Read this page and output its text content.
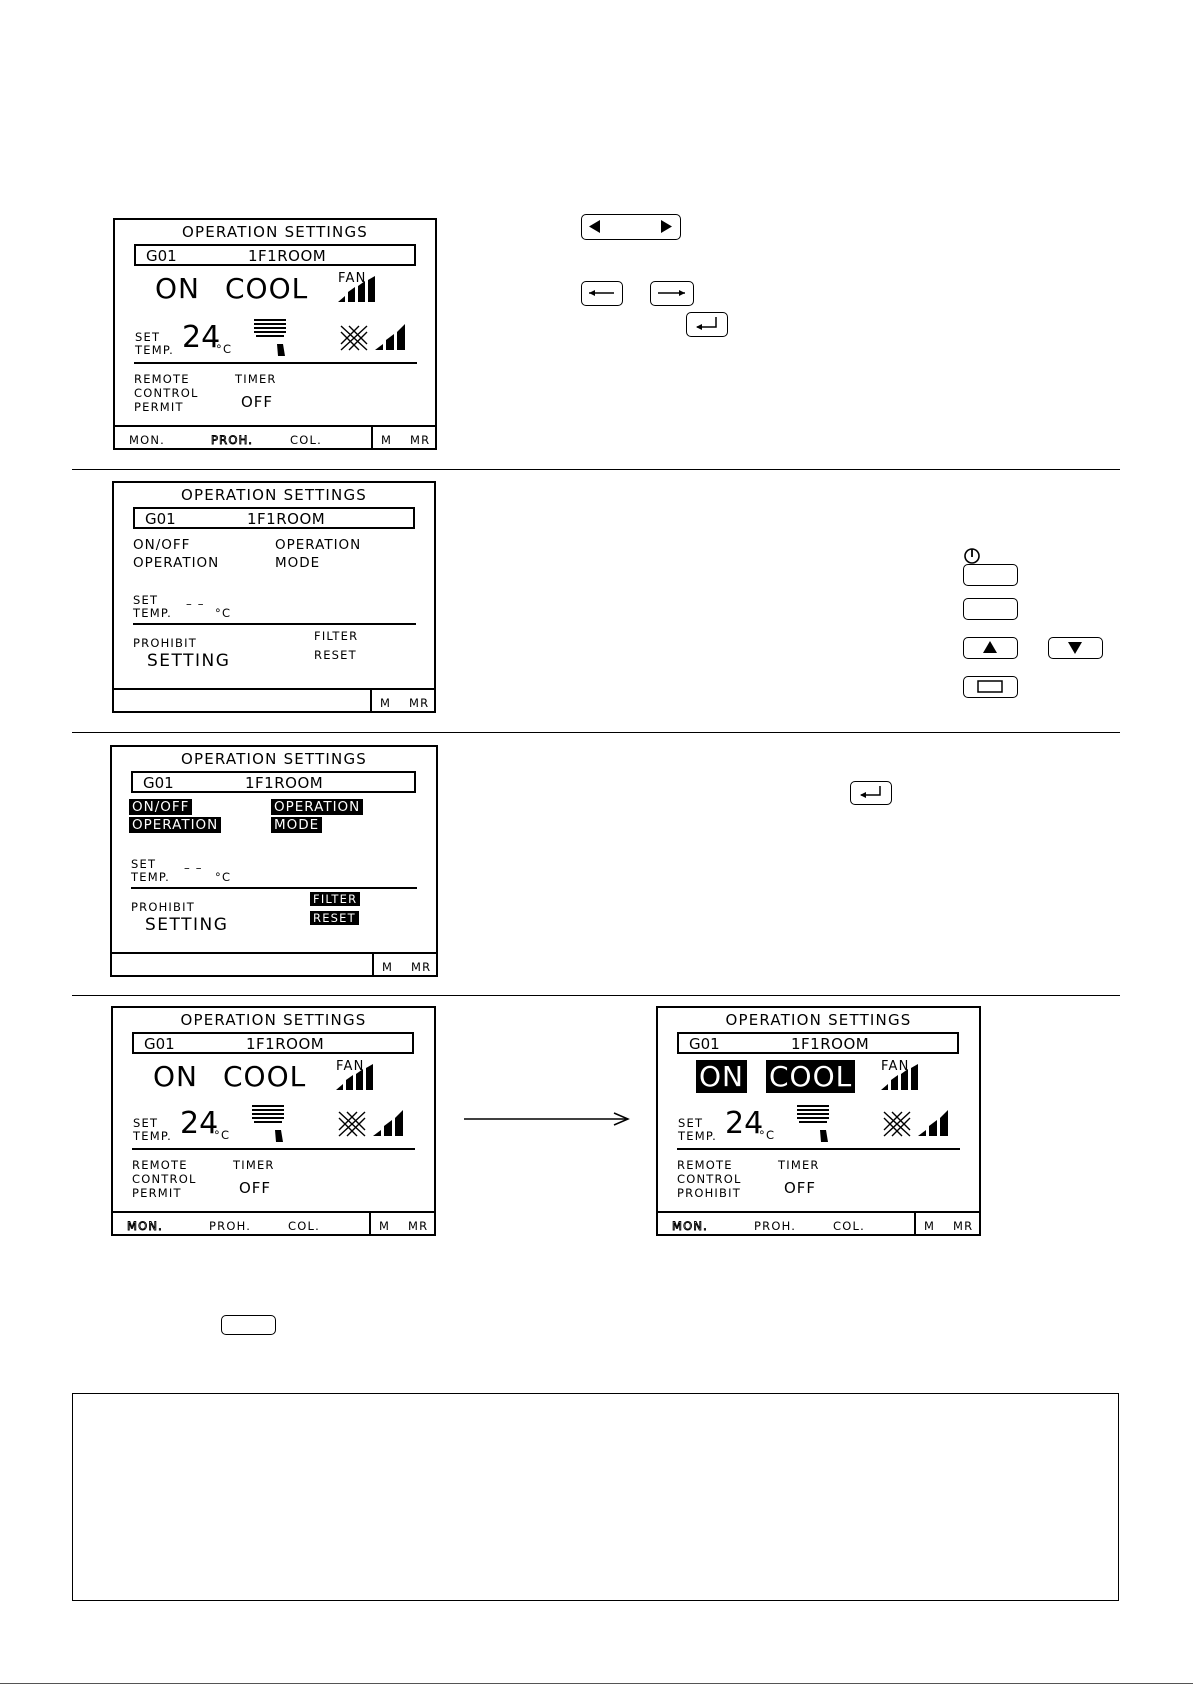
OPERATION SETTINGS
G01	1F1ROOM
ON COOL FAN
SET
TEMP. 24
°C
REMOTE
CONTROL
PERMIT
TIMER
OFF
MON.	PROH.	COL.	M MR
OPERATION SETTINGS
G01	1F1ROOM
ON/OFF
OPERATION
OPERATION
MODE
SET
TEMP.
– –
°C
PROHIBIT
SETTING
FILTER
RESET
M MR
OPERATION SETTINGS
G01	1F1ROOM
ON/OFF
OPERATION
OPERATION
MODE
SET
TEMP.
– –
°C
PROHIBIT
SETTING
FILTER
RESET
M MR
OPERATION SETTINGS
G01	1F1ROOM
ON COOL FAN
SET
TEMP. 24
°C
REMOTE
CONTROL
PERMIT
TIMER
OFF
MON.	PROH.	COL.	M MR
OPERATION SETTINGS
G01	1F1ROOM
ON COOL FAN
SET
TEMP. 24
°C
REMOTE
CONTROL
PROHIBIT
TIMER
OFF
MON.	PROH.	COL.	M MR
